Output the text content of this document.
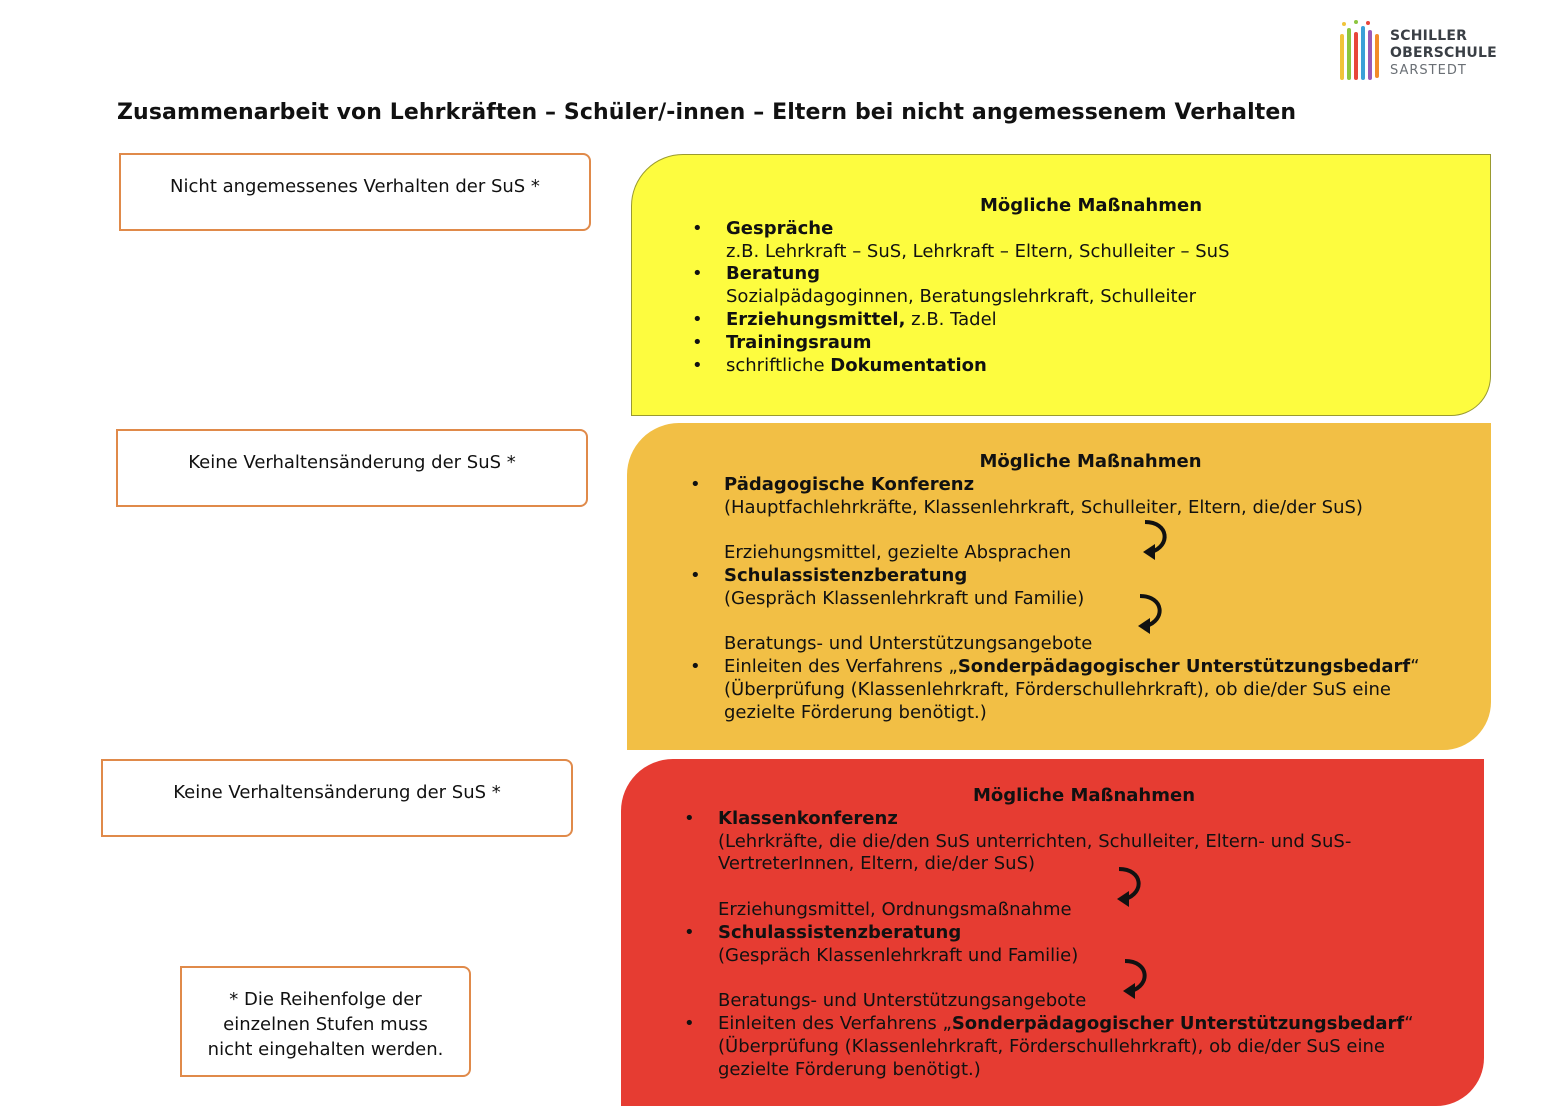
SCHILLER
OBERSCHULE
SARSTEDT
Zusammenarbeit von Lehrkräften – Schüler/-innen – Eltern bei nicht angemessenem Verhalten
Nicht angemessenes Verhalten der SuS *
Keine Verhaltensänderung der SuS *
Keine Verhaltensänderung der SuS *
* Die Reihenfolge der
einzelnen Stufen muss
nicht eingehalten werden.
Mögliche Maßnahmen
• Gespräche
z.B. Lehrkraft – SuS, Lehrkraft – Eltern, Schulleiter – SuS
• Beratung
Sozialpädagoginnen, Beratungslehrkraft, Schulleiter
• Erziehungsmittel, z.B. Tadel
• Trainingsraum
• schriftliche Dokumentation
Mögliche Maßnahmen
• Pädagogische Konferenz
(Hauptfachlehrkräfte, Klassenlehrkraft, Schulleiter, Eltern, die/der SuS)
Erziehungsmittel, gezielte Absprachen
• Schulassistenzberatung
(Gespräch Klassenlehrkraft und Familie)
Beratungs- und Unterstützungsangebote
• Einleiten des Verfahrens „Sonderpädagogischer Unterstützungsbedarf“
(Überprüfung (Klassenlehrkraft, Förderschullehrkraft), ob die/der SuS eine
gezielte Förderung benötigt.)
Mögliche Maßnahmen
• Klassenkonferenz
(Lehrkräfte, die die/den SuS unterrichten, Schulleiter, Eltern- und SuS-
VertreterInnen, Eltern, die/der SuS)
Erziehungsmittel, Ordnungsmaßnahme
• Schulassistenzberatung
(Gespräch Klassenlehrkraft und Familie)
Beratungs- und Unterstützungsangebote
• Einleiten des Verfahrens „Sonderpädagogischer Unterstützungsbedarf“
(Überprüfung (Klassenlehrkraft, Förderschullehrkraft), ob die/der SuS eine
gezielte Förderung benötigt.)
